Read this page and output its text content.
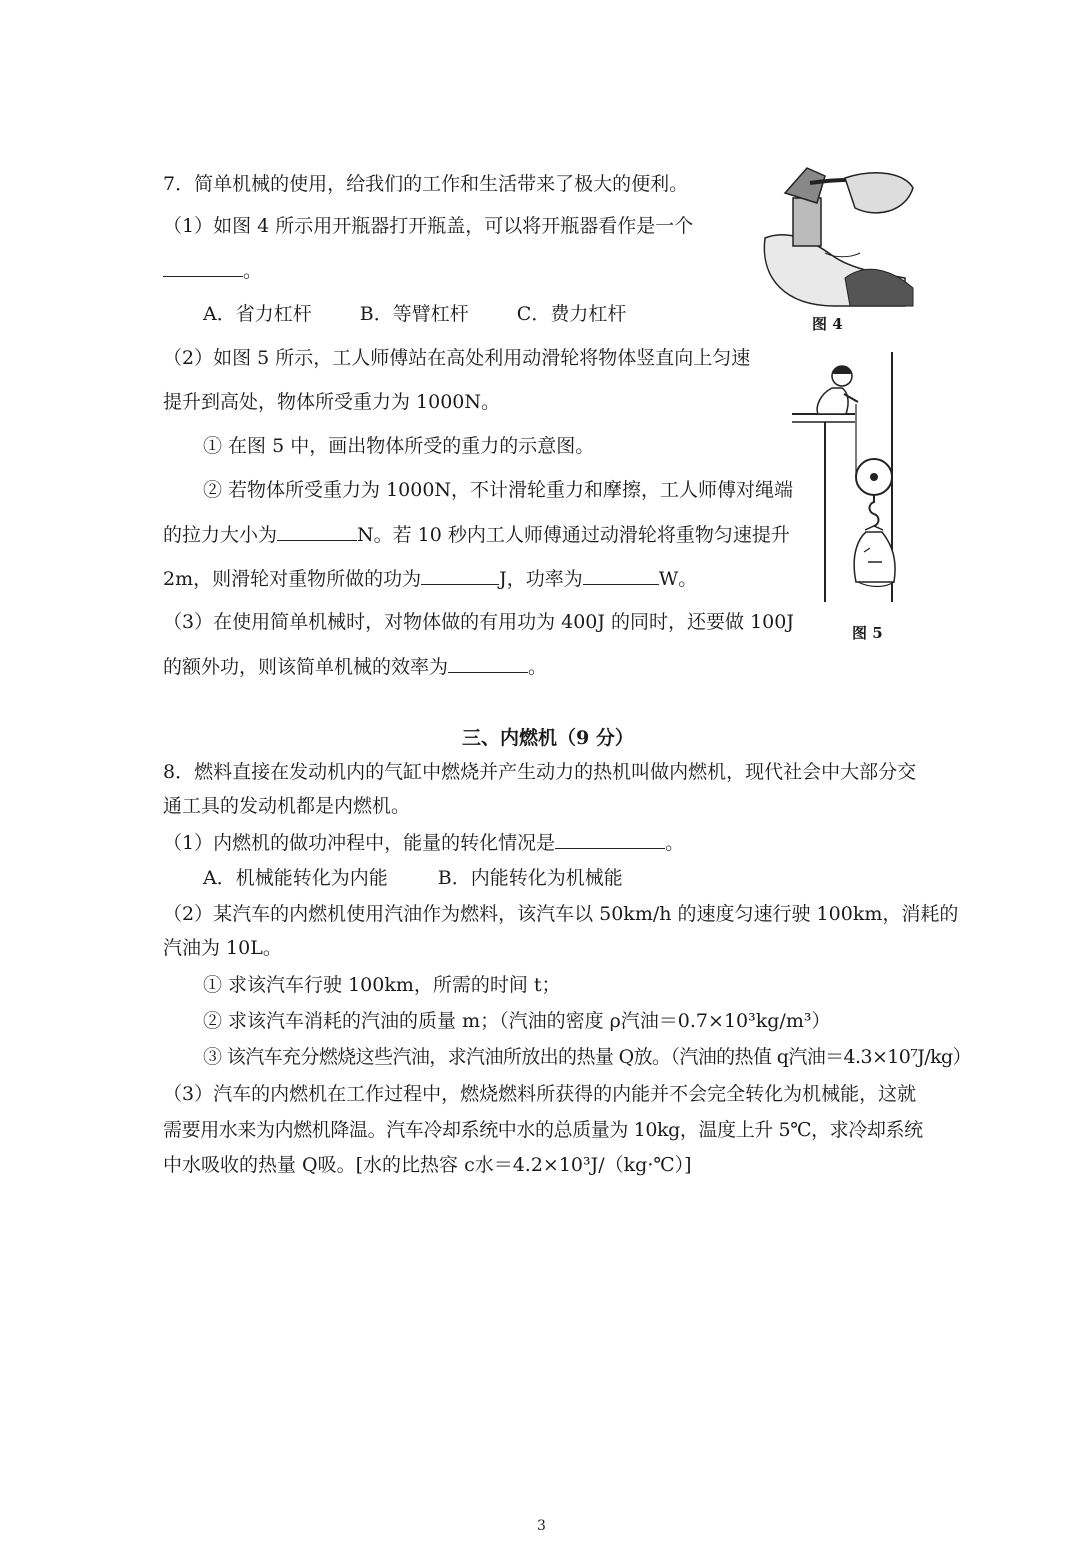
7．简单机械的使用，给我们的工作和生活带来了极大的便利。
（1）如图 4 所示用开瓶器打开瓶盖，可以将开瓶器看作是一个
。
A．省力杠杆	B．等臂杠杆	C．费力杠杆
（2）如图 5 所示，工人师傅站在高处利用动滑轮将物体竖直向上匀速
提升到高处，物体所受重力为 1000N。
① 在图 5 中，画出物体所受的重力的示意图。
② 若物体所受重力为 1000N，不计滑轮重力和摩擦，工人师傅对绳端
的拉力大小为	N。若 10 秒内工人师傅通过动滑轮将重物匀速提升
2m，则滑轮对重物所做的功为	J，功率为	W。
（3）在使用简单机械时，对物体做的有用功为 400J 的同时，还要做 100J
的额外功，则该简单机械的效率为	。
图 4
图 5
三、内燃机（9 分）
8．燃料直接在发动机内的气缸中燃烧并产生动力的热机叫做内燃机，现代社会中大部分交
通工具的发动机都是内燃机。
（1）内燃机的做功冲程中，能量的转化情况是	。
A．机械能转化为内能	B．内能转化为机械能
（2）某汽车的内燃机使用汽油作为燃料，该汽车以 50km/h 的速度匀速行驶 100km，消耗的
汽油为 10L。
① 求该汽车行驶 100km，所需的时间 t；
② 求该汽车消耗的汽油的质量 m；（汽油的密度 ρ汽油＝0.7×10³kg/m³）
③ 该汽车充分燃烧这些汽油，求汽油所放出的热量 Q放。（汽油的热值 q汽油＝4.3×10⁷J/kg）
（3）汽车的内燃机在工作过程中，燃烧燃料所获得的内能并不会完全转化为机械能，这就
需要用水来为内燃机降温。汽车冷却系统中水的总质量为 10kg，温度上升 5℃，求冷却系统
中水吸收的热量 Q吸。[水的比热容 c水＝4.2×10³J/（kg·℃）]
3
